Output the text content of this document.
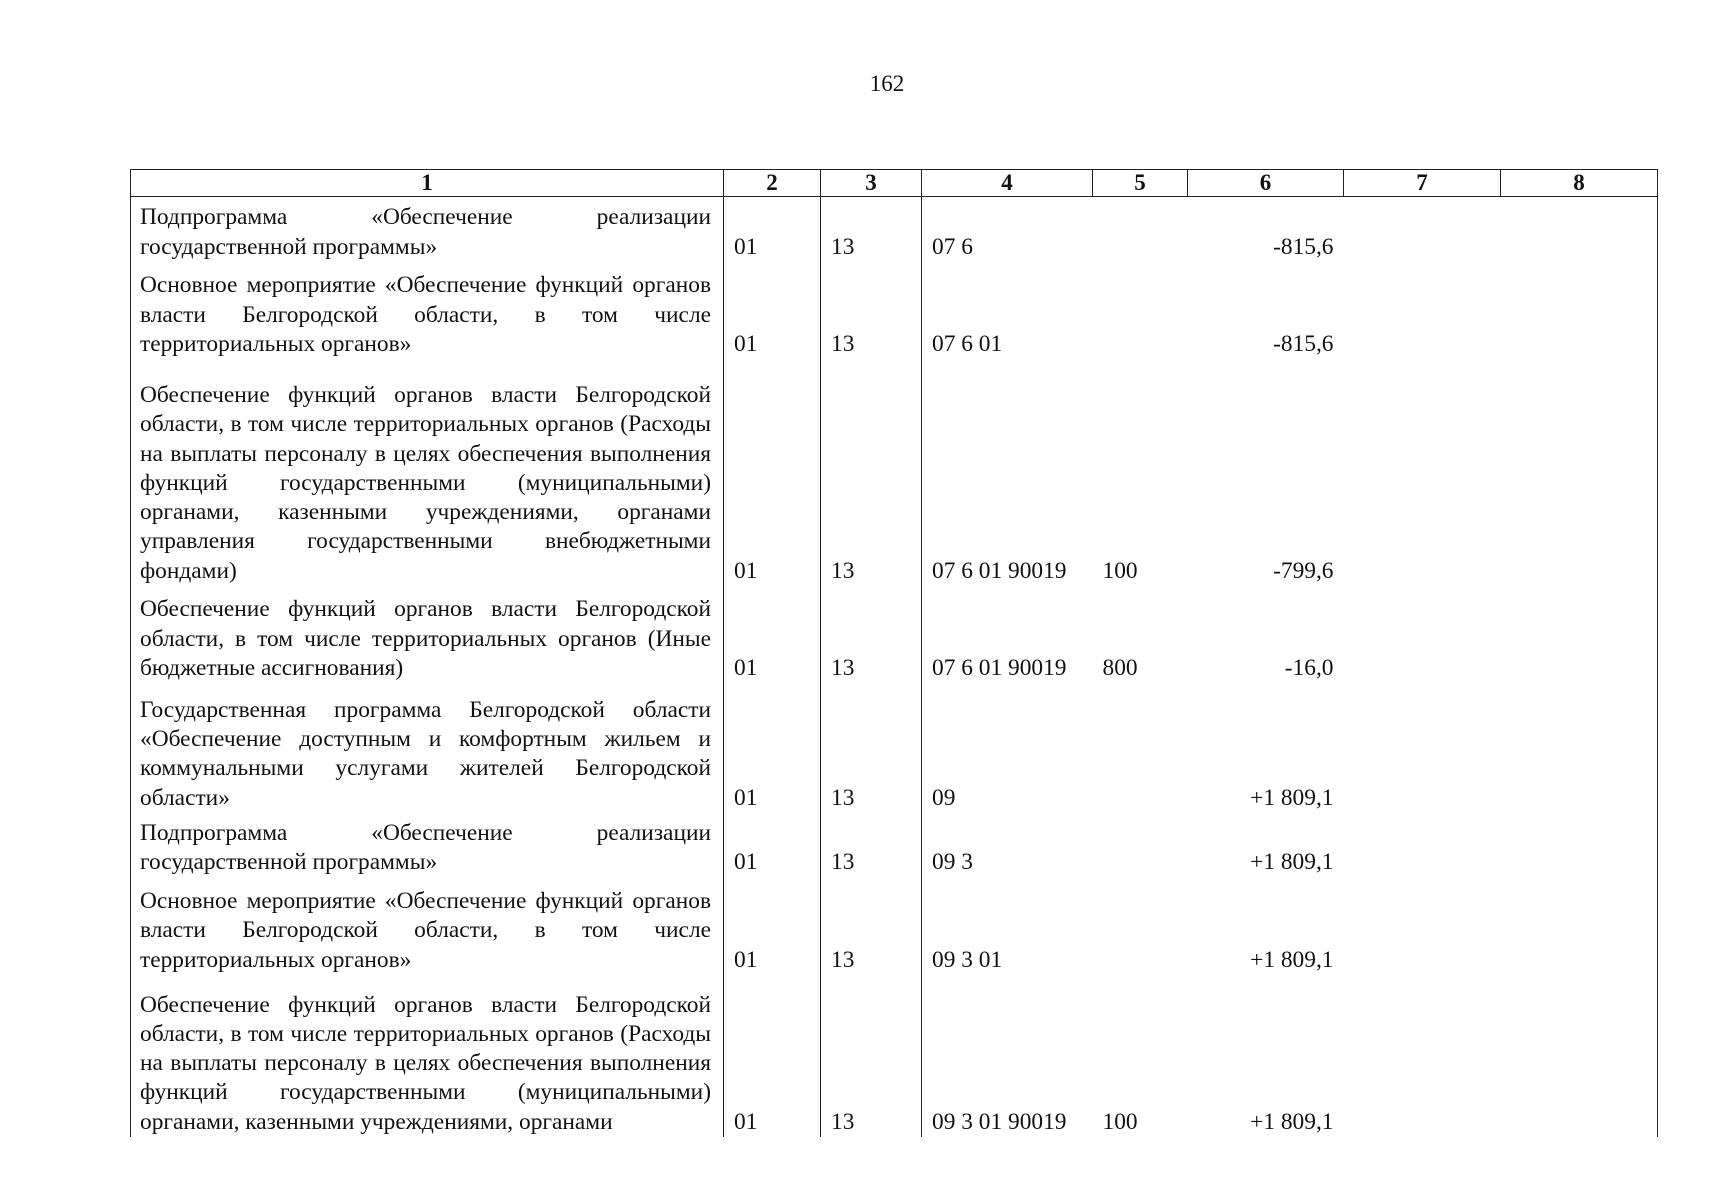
162
1	2	3	4	5	6	7	8
Подпрограмма «Обеспечение реализации государственной программы»	01	13	07 6		-815,6		
Основное мероприятие «Обеспечение функций органов власти Белгородской области, в том числе территориальных органов»	01	13	07 6 01		-815,6		
Обеспечение функций органов власти Белгородской области, в том числе территориальных органов (Расходы на выплаты персоналу в целях обеспечения выполнения функций государственными (муниципальными) органами, казенными учреждениями, органами управления государственными внебюджетными фондами)	01	13	07 6 01 90019	100	-799,6		
Обеспечение функций органов власти Белгородской области, в том числе территориальных органов (Иные бюджетные ассигнования)	01	13	07 6 01 90019	800	-16,0		
Государственная программа Белгородской области «Обеспечение доступным и комфортным жильем и коммунальными услугами жителей Белгородской области»	01	13	09		+1 809,1		
Подпрограмма «Обеспечение реализации государственной программы»	01	13	09 3		+1 809,1		
Основное мероприятие «Обеспечение функций органов власти Белгородской области, в том числе территориальных органов»	01	13	09 3 01		+1 809,1		
Обеспечение функций органов власти Белгородской области, в том числе территориальных органов (Расходы на выплаты персоналу в целях обеспечения выполнения функций государственными (муниципальными) органами, казенными учреждениями, органами	01	13	09 3 01 90019	100	+1 809,1		
